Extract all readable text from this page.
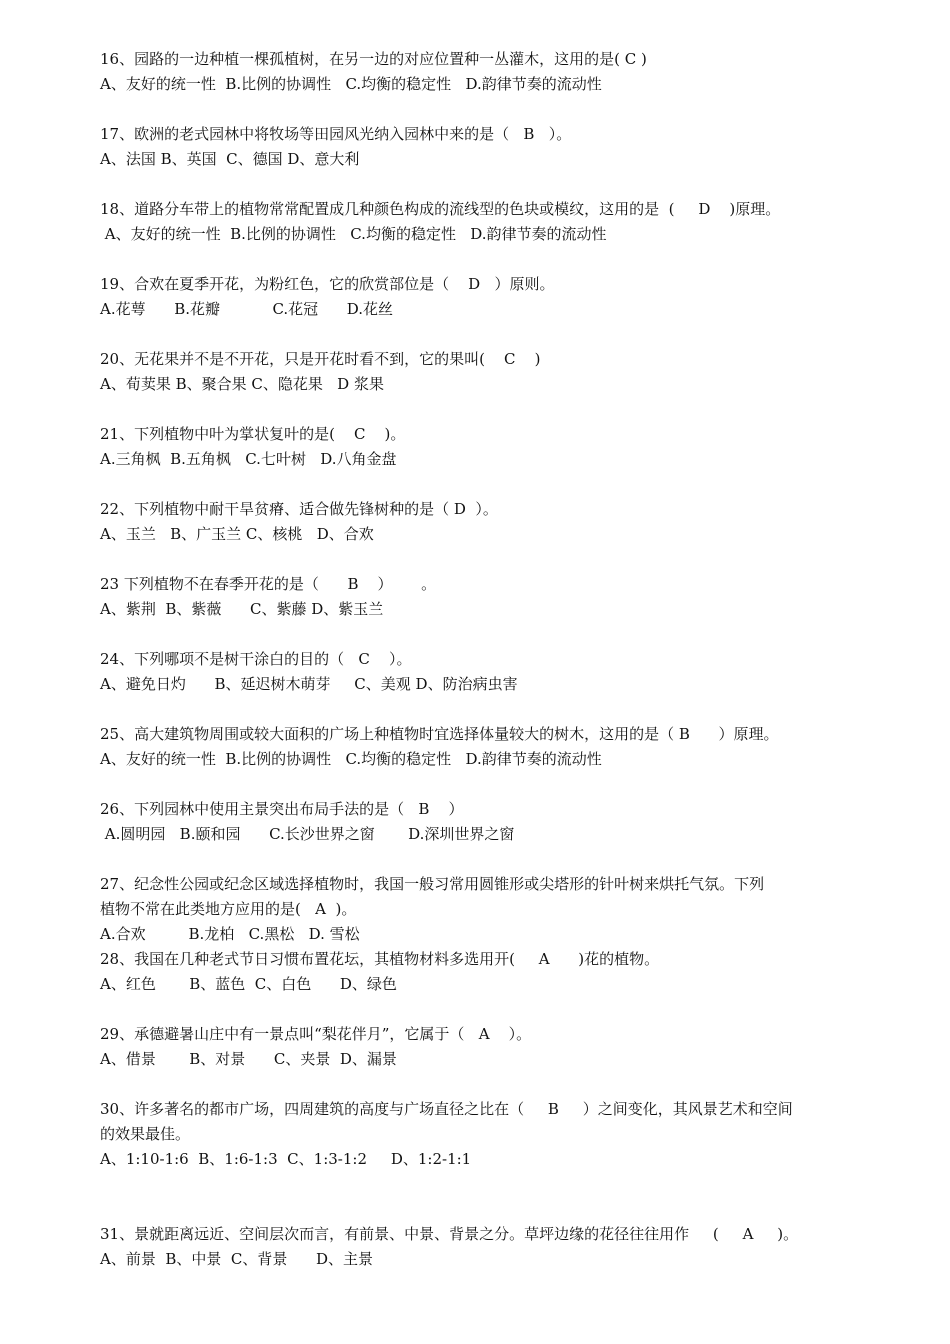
16、园路的一边种植一棵孤植树，在另一边的对应位置种一丛灌木，这用的是( C )
A、友好的统一性  B.比例的协调性   C.均衡的稳定性   D.韵律节奏的流动性
17、欧洲的老式园林中将牧场等田园风光纳入园林中来的是（   B   ）。
A、法国 B、英国  C、德国 D、意大利
18、道路分车带上的植物常常配置成几种颜色构成的流线型的色块或模纹，这用的是  (     D    )原理。
A、友好的统一性  B.比例的协调性   C.均衡的稳定性   D.韵律节奏的流动性
19、合欢在夏季开花，为粉红色，它的欣赏部位是（    D   ）原则。
A.花萼      B.花瓣           C.花冠      D.花丝
20、无花果并不是不开花，只是开花时看不到，它的果叫(    C    )
A、荀荬果 B、聚合果 C、隐花果   D 浆果
21、下列植物中叶为掌状复叶的是(    C    )。
A.三角枫  B.五角枫   C.七叶树   D.八角金盘
22、下列植物中耐干旱贫瘠、适合做先锋树种的是（ D  ）。
A、玉兰   B、广玉兰 C、核桃   D、合欢
23 下列植物不在春季开花的是（      B    ）      。
A、紫荆  B、紫薇      C、紫藤 D、紫玉兰
24、下列哪项不是树干涂白的目的（   C    ）。
A、避免日灼      B、延迟树木萌芽     C、美观 D、防治病虫害
25、高大建筑物周围或较大面积的广场上种植物时宜选择体量较大的树木，这用的是（ B      ）原理。
A、友好的统一性  B.比例的协调性   C.均衡的稳定性   D.韵律节奏的流动性
26、下列园林中使用主景突出布局手法的是（   B    ）
A.圆明园   B.颐和园      C.长沙世界之窗       D.深圳世界之窗
27、纪念性公园或纪念区域选择植物时，我国一般习常用圆锥形或尖塔形的针叶树来烘托气氛。下列
植物不常在此类地方应用的是(   A  )。
A.合欢         B.龙柏   C.黑松   D. 雪松
28、我国在几种老式节日习惯布置花坛，其植物材料多选用开(     A      )花的植物。
A、红色       B、蓝色  C、白色      D、绿色
29、承德避暑山庄中有一景点叫“梨花伴月”，它属于（   A    ）。
A、借景       B、对景      C、夹景  D、漏景
30、许多著名的都市广场，四周建筑的高度与广场直径之比在（     B     ）之间变化，其风景艺术和空间
的效果最佳。
A、1:10-1:6  B、1:6-1:3  C、1:3-1:2     D、1:2-1:1
31、景就距离远近、空间层次而言，有前景、中景、背景之分。草坪边缘的花径往往用作     (     A     )。
A、前景  B、中景  C、背景      D、主景
